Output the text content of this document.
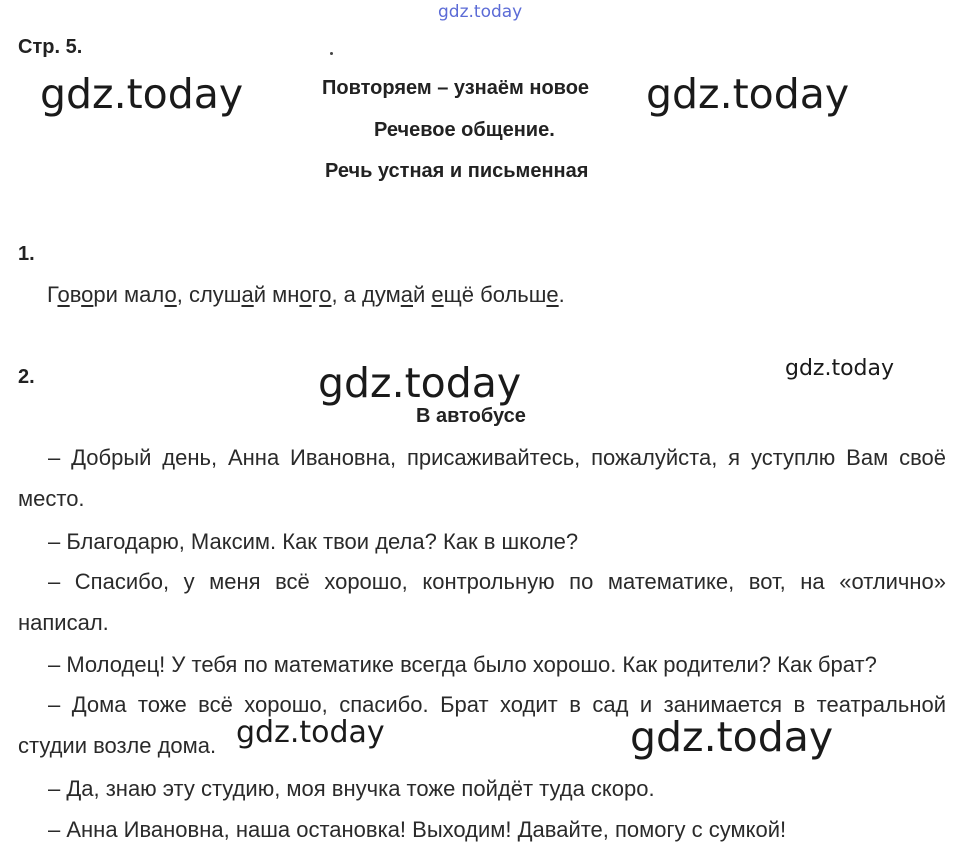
gdz.today
gdz.today	gdz.today
gdz.today	gdz.today
gdz.today	gdz.today
Стр. 5.
Повторяем – узнаём новое
Речевое общение.
Речь устная и письменная
1.
Говори мало, слушай много, а думай ещё больше.
2.
В автобусе
– Добрый день, Анна Ивановна, присаживайтесь, пожалуйста, я уступлю Вам своё место.
– Благодарю, Максим. Как твои дела? Как в школе?
– Спасибо, у меня всё хорошо, контрольную по математике, вот, на «отлично» написал.
– Молодец! У тебя по математике всегда было хорошо. Как родители? Как брат?
– Дома тоже всё хорошо, спасибо. Брат ходит в сад и занимается в театральной студии возле дома.
– Да, знаю эту студию, моя внучка тоже пойдёт туда скоро.
– Анна Ивановна, наша остановка! Выходим! Давайте, помогу с сумкой!
